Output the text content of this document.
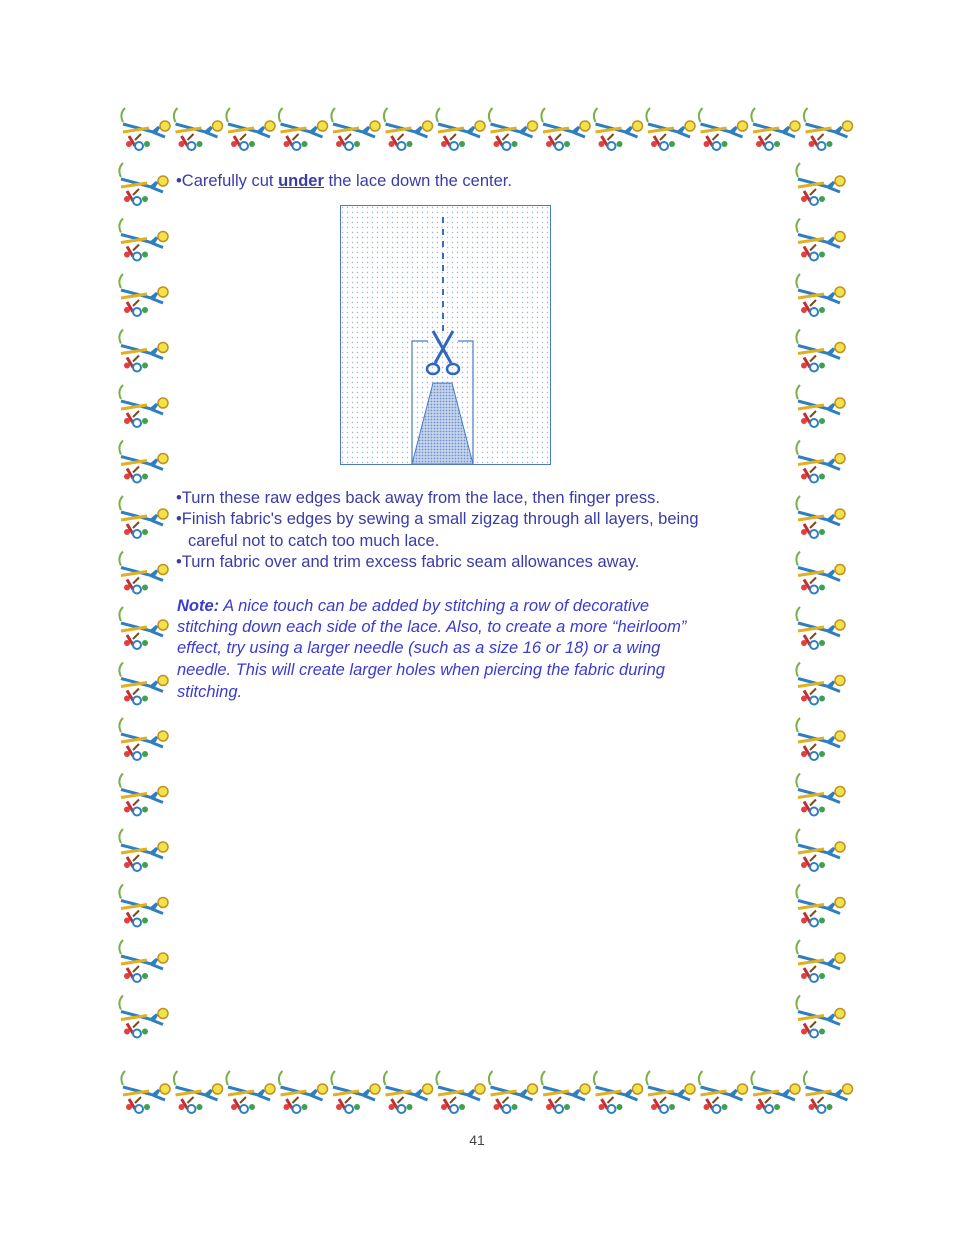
•Carefully cut under the lace down the center.
•Turn these raw edges back away from the lace, then finger press.
•Finish fabric's edges by sewing a small zigzag through all layers, being
careful not to catch too much lace.
•Turn fabric over and trim excess fabric seam allowances away.
Note: A nice touch can be added by stitching a row of decorative
stitching down each side of the lace. Also, to create a more “heirloom”
effect, try using a larger needle (such as a size 16 or 18) or a wing
needle. This will create larger holes when piercing the fabric during
stitching.
41
